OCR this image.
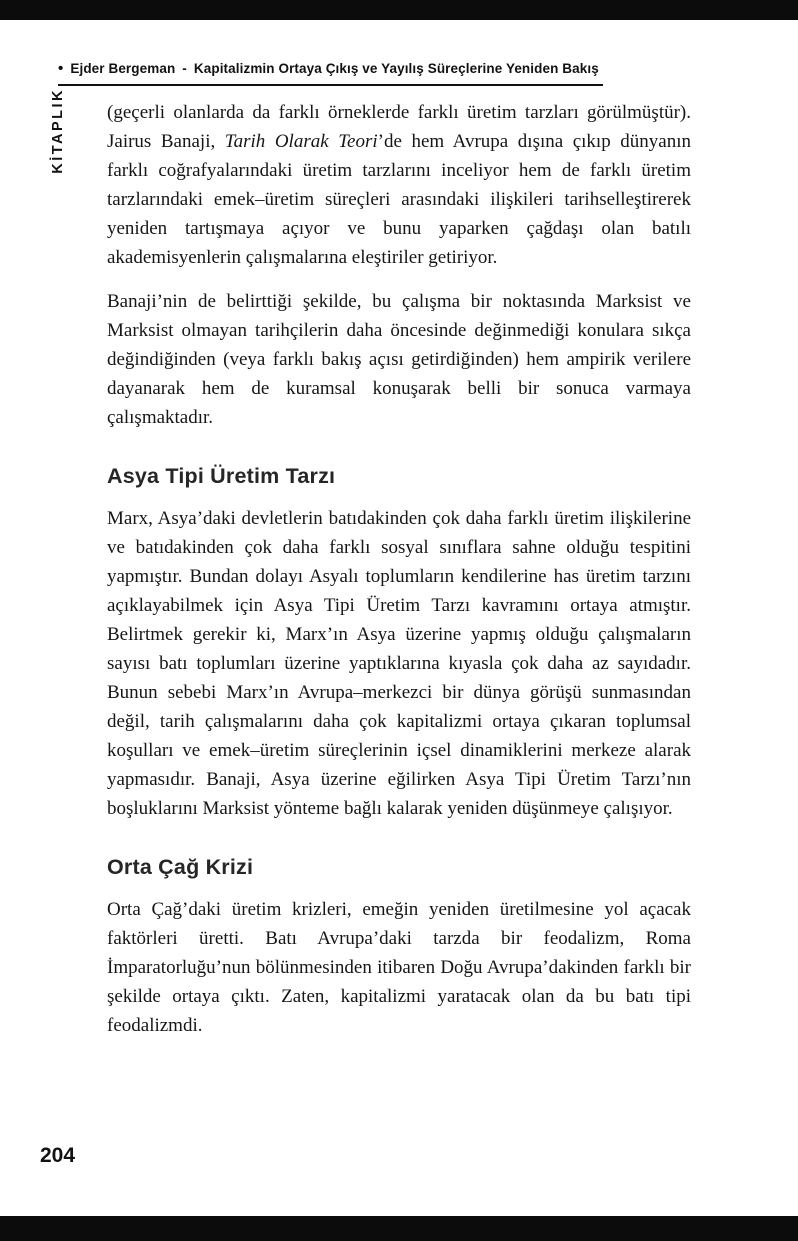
• Ejder Bergeman - Kapitalizmin Ortaya Çıkış ve Yayılış Süreçlerine Yeniden Bakış
KİTAPLIK (geçerli olanlarda da farklı örneklerde farklı üretim tarzları görülmüştür). Jairus Banaji, Tarih Olarak Teori’de hem Avrupa dışına çıkıp dünyanın farklı coğrafyalarındaki üretim tarzlarını inceliyor hem de farklı üretim tarzlarındaki emek–üretim süreçleri arasındaki ilişkileri tarihselleştirerek yeniden tartışmaya açıyor ve bunu yaparken çağdaşı olan batılı akademisyenlerin çalışmalarına eleştiriler getiriyor.

Banaji’nin de belirttiği şekilde, bu çalışma bir noktasında Marksist ve Marksist olmayan tarihçilerin daha öncesinde değinmediği konulara sıkça değindiğinden (veya farklı bakış açısı getirdiğinden) hem ampirik verilere dayanarak hem de kuramsal konuşarak belli bir sonuca varmaya çalışmaktadır.

Asya Tipi Üretim Tarzı

Marx, Asya’daki devletlerin batıdakinden çok daha farklı üretim ilişkilerine ve batıdakinden çok daha farklı sosyal sınıflara sahne olduğu tespitini yapmıştır. Bundan dolayı Asyalı toplumların kendilerine has üretim tarzını açıklayabilmek için Asya Tipi Üretim Tarzı kavramını ortaya atmıştır. Belirtmek gerekir ki, Marx’ın Asya üzerine yapmış olduğu çalışmaların sayısı batı toplumları üzerine yaptıklarına kıyasla çok daha az sayıdadır. Bunun sebebi Marx’ın Avrupa–merkezci bir dünya görüşü sunmasından değil, tarih çalışmalarını daha çok kapitalizmi ortaya çıkaran toplumsal koşulları ve emek–üretim süreçlerinin içsel dinamiklerini merkeze alarak yapmasıdır. Banaji, Asya üzerine eğilirken Asya Tipi Üretim Tarzı’nın boşluklarını Marksist yönteme bağlı kalarak yeniden düşünmeye çalışıyor.

Orta Çağ Krizi

Orta Çağ’daki üretim krizleri, emeğin yeniden üretilmesine yol açacak faktörleri üretti. Batı Avrupa’daki tarzda bir feodalizm, Roma İmparatorluğu’nun bölünmesinden itibaren Doğu Avrupa’dakinden farklı bir şekilde ortaya çıktı. Zaten, kapitalizmi yaratacak olan da bu batı tipi feodalizmdi.

204
